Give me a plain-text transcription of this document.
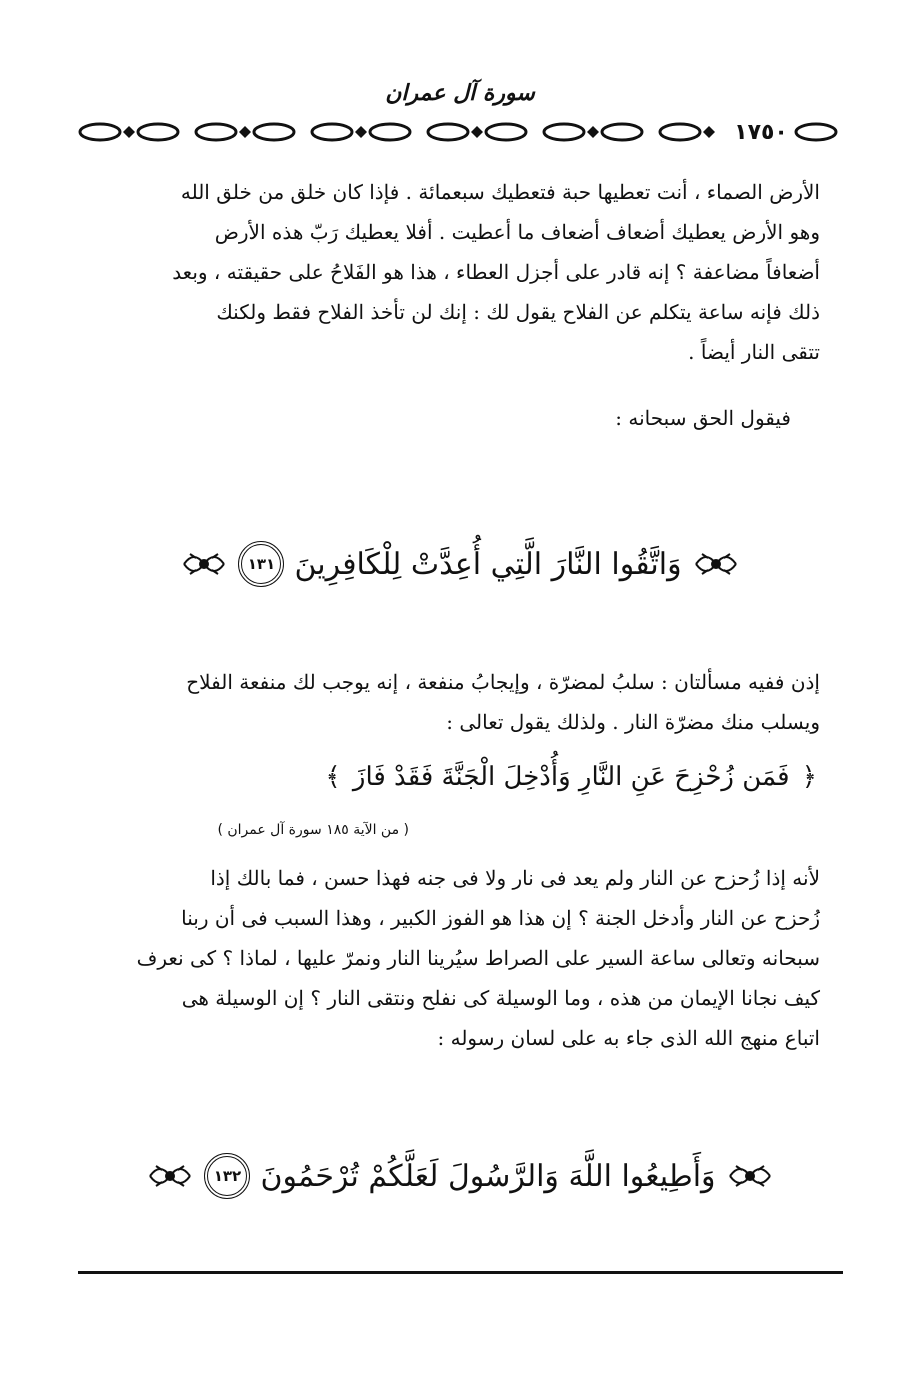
سورة آل عمران
١٧٥٠
الأرض الصماء ، أنت تعطيها حبة فتعطيك سبعمائة . فإذا كان خلق من خلق الله
وهو الأرض يعطيك أضعاف أضعاف ما أعطيت . أفلا يعطيك رَبّ هذه الأرض
أضعافاً مضاعفة ؟ إنه قادر على أجزل العطاء ، هذا هو الفَلاحُ على حقيقته ، وبعد
ذلك فإنه ساعة يتكلم عن الفلاح يقول لك : إنك لن تأخذ الفلاح فقط ولكنك
تتقى النار أيضاً .
فيقول الحق سبحانه :
وَاتَّقُوا النَّارَ الَّتِي أُعِدَّتْ لِلْكَافِرِينَ
١٣١
إذن ففيه مسألتان : سلبُ لمضرّة ، وإيجابُ منفعة ، إنه يوجب لك منفعة الفلاح
ويسلب منك مضرّة النار . ولذلك يقول تعالى :
﴿ فَمَن زُحْزِحَ عَنِ النَّارِ وَأُدْخِلَ الْجَنَّةَ فَقَدْ فَازَ ﴾
( من الآية ١٨٥ سورة آل عمران )
لأنه إذا زُحزح عن النار ولم يعد فى نار ولا فى جنه فهذا حسن ، فما بالك إذا
زُحزح عن النار وأدخل الجنة ؟ إن هذا هو الفوز الكبير ، وهذا السبب فى أن ربنا
سبحانه وتعالى ساعة السير على الصراط سيُرينا النار ونمرّ عليها ، لماذا ؟ كى نعرف
كيف نجانا الإيمان من هذه ، وما الوسيلة كى نفلح ونتقى النار ؟ إن الوسيلة هى
اتباع منهج الله الذى جاء به على لسان رسوله :
وَأَطِيعُوا اللَّهَ وَالرَّسُولَ لَعَلَّكُمْ تُرْحَمُونَ
١٣٢
